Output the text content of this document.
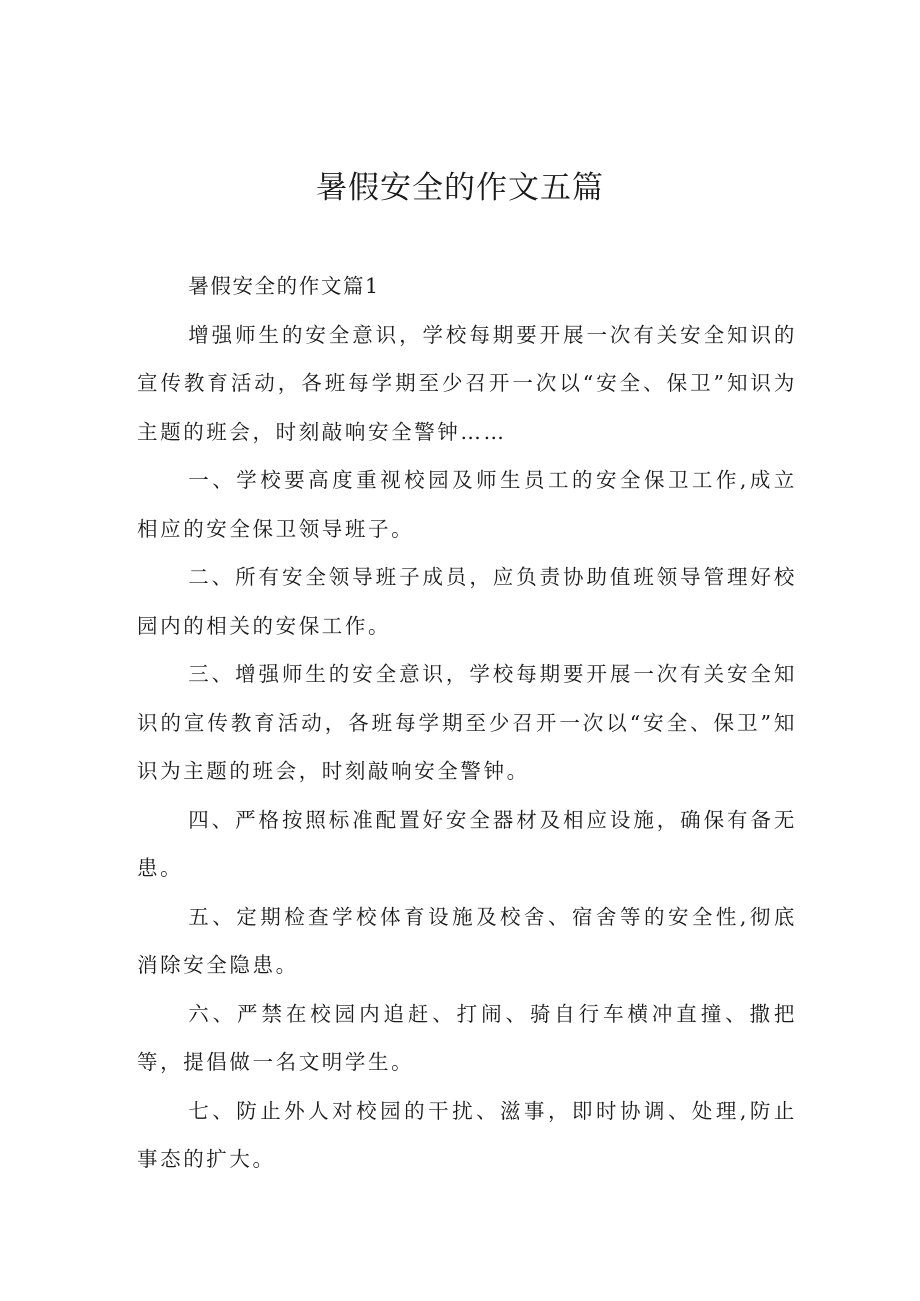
暑假安全的作文五篇

暑假安全的作文篇1

增强师生的安全意识，学校每期要开展一次有关安全知识的宣传教育活动，各班每学期至少召开一次以“安全、保卫”知识为主题的班会，时刻敲响安全警钟……

一、学校要高度重视校园及师生员工的安全保卫工作,成立相应的安全保卫领导班子。

二、所有安全领导班子成员，应负责协助值班领导管理好校园内的相关的安保工作。

三、增强师生的安全意识，学校每期要开展一次有关安全知识的宣传教育活动，各班每学期至少召开一次以“安全、保卫”知识为主题的班会，时刻敲响安全警钟。

四、严格按照标准配置好安全器材及相应设施，确保有备无患。

五、定期检查学校体育设施及校舍、宿舍等的安全性,彻底消除安全隐患。

六、严禁在校园内追赶、打闹、骑自行车横冲直撞、撒把等，提倡做一名文明学生。

七、防止外人对校园的干扰、滋事，即时协调、处理,防止事态的扩大。
